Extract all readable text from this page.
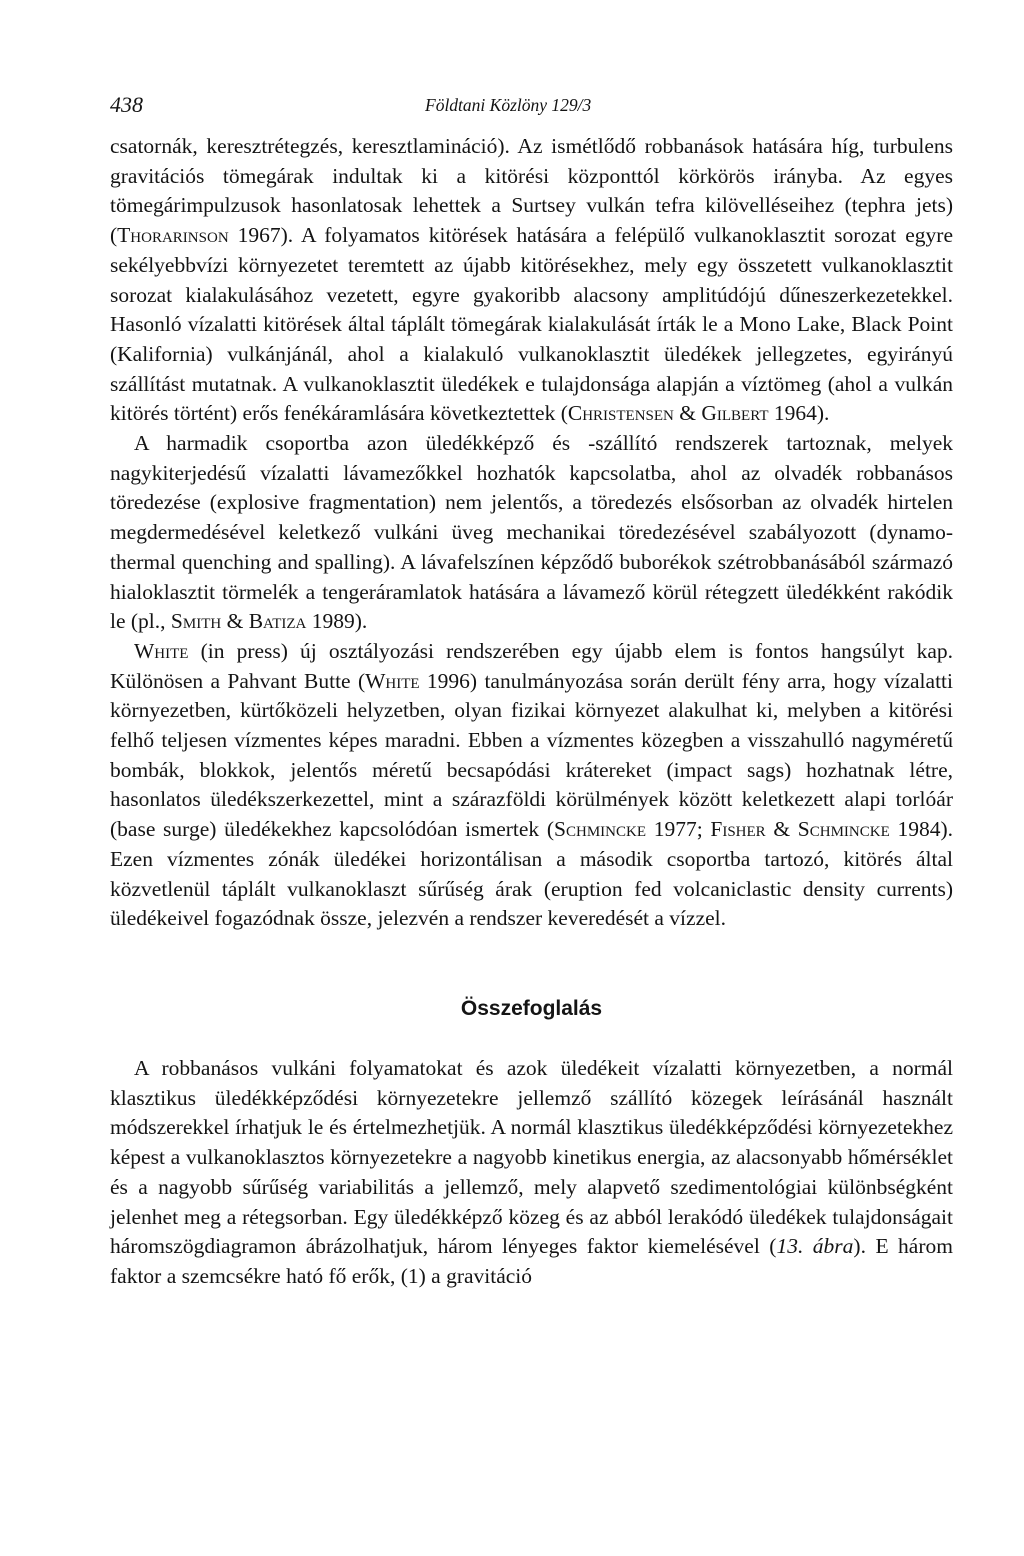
438	Földtani Közlöny 129/3

csatornák, keresztrétegzés, keresztlamináció). Az ismétlődő robbanások hatására híg, turbulens gravitációs tömegárak indultak ki a kitörési központtól körkörös irányba. Az egyes tömegárimpulzusok hasonlatosak lehettek a Surtsey vulkán tefra kilövelléseihez (tephra jets) (Thorarinson 1967). A folyamatos kitörések hatására a felépülő vulkanoklasztit sorozat egyre sekélyebbvízi környezetet teremtett az újabb kitörésekhez, mely egy összetett vulkanoklasztit sorozat kialakulásához vezetett, egyre gyakoribb alacsony amplitúdójú dűneszerkezetekkel. Hasonló vízalatti kitörések által táplált tömegárak kialakulását írták le a Mono Lake, Black Point (Kalifornia) vulkánjánál, ahol a kialakuló vulkanoklasztit üledékek jellegzetes, egyirányú szállítást mutatnak. A vulkanoklasztit üledékek e tulajdonsága alapján a víztömeg (ahol a vulkán kitörés történt) erős fenékáramlására következtettek (Christensen & Gilbert 1964).

A harmadik csoportba azon üledékképző és -szállító rendszerek tartoznak, melyek nagykiterjedésű vízalatti lávamezőkkel hozhatók kapcsolatba, ahol az olvadék robbanásos töredezése (explosive fragmentation) nem jelentős, a töredezés elsősorban az olvadék hirtelen megdermedésével keletkező vulkáni üveg mechanikai töredezésével szabályozott (dynamo-thermal quenching and spalling). A lávafelszínen képződő buborékok szétrobbanásából származó hialoklasztit törmelék a tengeráramlatok hatására a lávamező körül rétegzett üledékként rakódik le (pl., Smith & Batiza 1989).

White (in press) új osztályozási rendszerében egy újabb elem is fontos hangsúlyt kap. Különösen a Pahvant Butte (White 1996) tanulmányozása során derült fény arra, hogy vízalatti környezetben, kürtőközeli helyzetben, olyan fizikai környezet alakulhat ki, melyben a kitörési felhő teljesen vízmentes képes maradni. Ebben a vízmentes közegben a visszahulló nagyméretű bombák, blokkok, jelentős méretű becsapódási krátereket (impact sags) hozhatnak létre, hasonlatos üledékszerkezettel, mint a szárazföldi körülmények között keletkezett alapi torlóár (base surge) üledékekhez kapcsolódóan ismertek (Schmincke 1977; Fisher & Schmincke 1984). Ezen vízmentes zónák üledékei horizontálisan a második csoportba tartozó, kitörés által közvetlenül táplált vulkanoklaszt sűrűség árak (eruption fed volcaniclastic density currents) üledékeivel fogazódnak össze, jelezvén a rendszer keveredését a vízzel.

Összefoglalás

A robbanásos vulkáni folyamatokat és azok üledékeit vízalatti környezetben, a normál klasztikus üledékképződési környezetekre jellemző szállító közegek leírásánál használt módszerekkel írhatjuk le és értelmezhetjük. A normál klasztikus üledékképződési környezetekhez képest a vulkanoklasztos környezetekre a nagyobb kinetikus energia, az alacsonyabb hőmérséklet és a nagyobb sűrűség variabilitás a jellemző, mely alapvető szedimentológiai különbségként jelenhet meg a rétegsorban. Egy üledékképző közeg és az abból lerakódó üledékek tulajdonságait háromszögdiagramon ábrázolhatjuk, három lényeges faktor kiemelésével (13. ábra). E három faktor a szemcsékre ható fő erők, (1) a gravitáció
